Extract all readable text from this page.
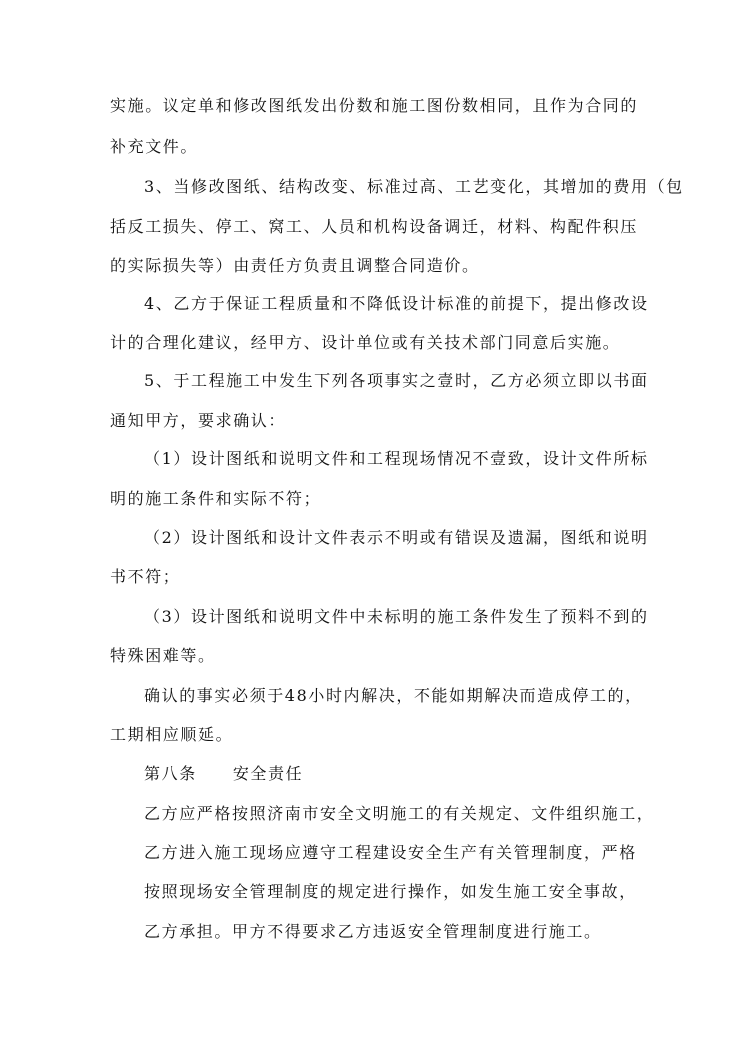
实施。议定单和修改图纸发出份数和施工图份数相同，且作为合同的
补充文件。
3、当修改图纸、结构改变、标准过高、工艺变化，其增加的费用（包
括反工损失、停工、窝工、人员和机构设备调迁，材料、构配件积压
的实际损失等）由责任方负责且调整合同造价。
4、乙方于保证工程质量和不降低设计标准的前提下，提出修改设
计的合理化建议，经甲方、设计单位或有关技术部门同意后实施。
5、于工程施工中发生下列各项事实之壹时，乙方必须立即以书面
通知甲方，要求确认：
（1）设计图纸和说明文件和工程现场情况不壹致，设计文件所标
明的施工条件和实际不符；
（2）设计图纸和设计文件表示不明或有错误及遗漏，图纸和说明
书不符；
（3）设计图纸和说明文件中未标明的施工条件发生了预料不到的
特殊困难等。
确认的事实必须于48小时内解决，不能如期解决而造成停工的，
工期相应顺延。
第八条 安全责任
乙方应严格按照济南市安全文明施工的有关规定、文件组织施工，
乙方进入施工现场应遵守工程建设安全生产有关管理制度，严格
按照现场安全管理制度的规定进行操作，如发生施工安全事故，
乙方承担。甲方不得要求乙方违返安全管理制度进行施工。
